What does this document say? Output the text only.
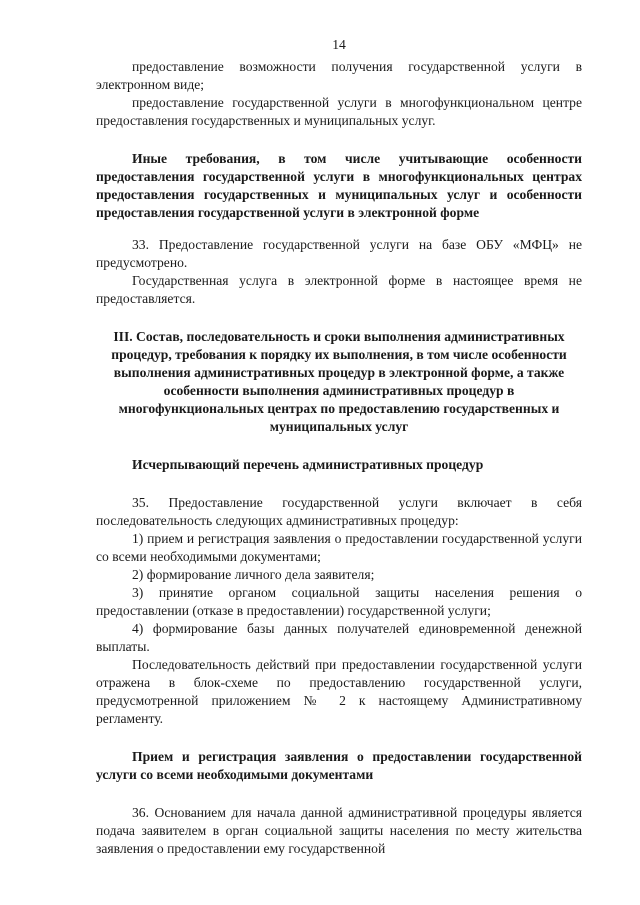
14

предоставление возможности получения государственной услуги в электронном виде;

предоставление государственной услуги в многофункциональном центре предоставления государственных и муниципальных услуг.

Иные требования, в том числе учитывающие особенности предоставления государственной услуги в многофункциональных центрах предоставления государственных и муниципальных услуг и особенности предоставления государственной услуги в электронной форме

33. Предоставление государственной услуги на базе ОБУ «МФЦ» не предусмотрено.

Государственная услуга в электронной форме в настоящее время не предоставляется.

III. Состав, последовательность и сроки выполнения административных процедур, требования к порядку их выполнения, в том числе особенности выполнения административных процедур в электронной форме, а также особенности выполнения административных процедур в многофункциональных центрах по предоставлению государственных и муниципальных услуг

Исчерпывающий перечень административных процедур

35. Предоставление государственной услуги включает в себя последовательность следующих административных процедур:

1) прием и регистрация заявления о предоставлении государственной услуги со всеми необходимыми документами;

2) формирование личного дела заявителя;

3) принятие органом социальной защиты населения решения о предоставлении (отказе в предоставлении) государственной услуги;

4) формирование базы данных получателей единовременной денежной выплаты.

Последовательность действий при предоставлении государственной услуги отражена в блок-схеме по предоставлению государственной услуги, предусмотренной приложением № 2 к настоящему Административному регламенту.

Прием и регистрация заявления о предоставлении государственной услуги со всеми необходимыми документами

36. Основанием для начала данной административной процедуры является подача заявителем в орган социальной защиты населения по месту жительства заявления о предоставлении ему государственной
